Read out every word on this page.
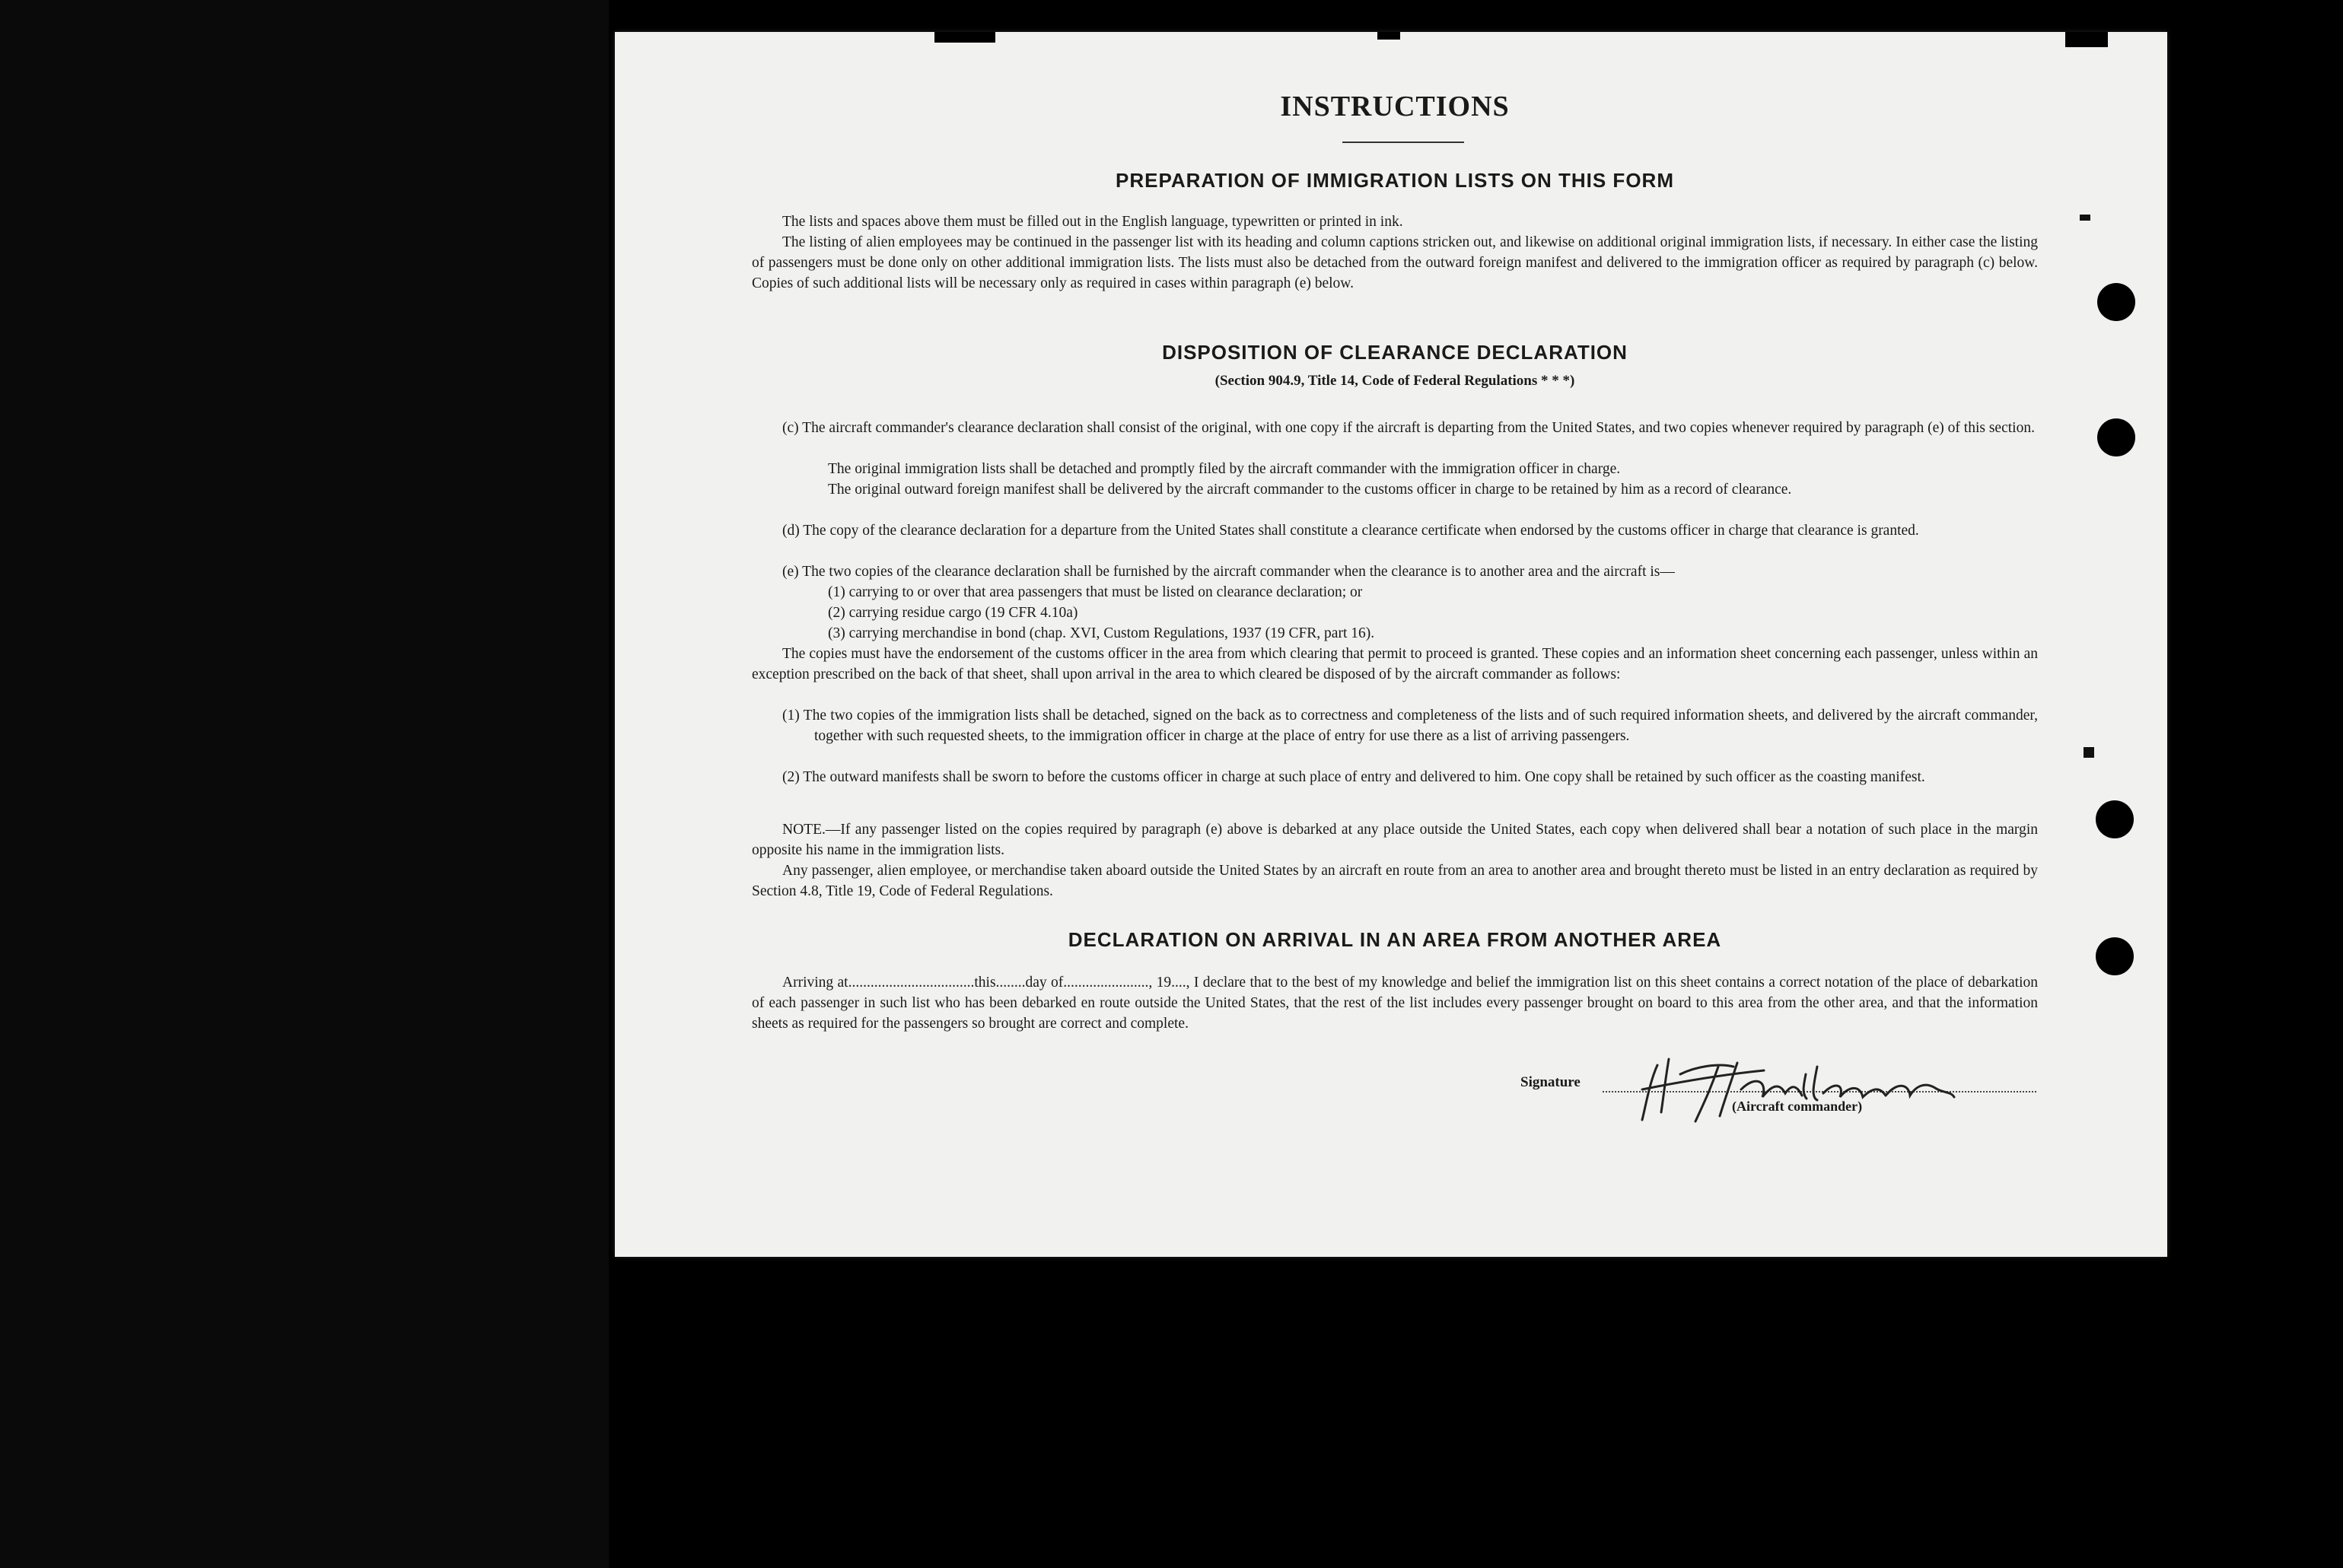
INSTRUCTIONS
PREPARATION OF IMMIGRATION LISTS ON THIS FORM
The lists and spaces above them must be filled out in the English language, typewritten or printed in ink.
The listing of alien employees may be continued in the passenger list with its heading and column captions stricken out, and likewise on additional original immigration lists, if necessary. In either case the listing of passengers must be done only on other additional immigration lists. The lists must also be detached from the outward foreign manifest and delivered to the immigration officer as required by paragraph (c) below. Copies of such additional lists will be necessary only as required in cases within paragraph (e) below.
DISPOSITION OF CLEARANCE DECLARATION
(Section 904.9, Title 14, Code of Federal Regulations * * *)
(c) The aircraft commander's clearance declaration shall consist of the original, with one copy if the aircraft is departing from the United States, and two copies whenever required by paragraph (e) of this section.
The original immigration lists shall be detached and promptly filed by the aircraft commander with the immigration officer in charge.
The original outward foreign manifest shall be delivered by the aircraft commander to the customs officer in charge to be retained by him as a record of clearance.
(d) The copy of the clearance declaration for a departure from the United States shall constitute a clearance certificate when endorsed by the customs officer in charge that clearance is granted.
(e) The two copies of the clearance declaration shall be furnished by the aircraft commander when the clearance is to another area and the aircraft is—
(1) carrying to or over that area passengers that must be listed on clearance declaration; or
(2) carrying residue cargo (19 CFR 4.10a)
(3) carrying merchandise in bond (chap. XVI, Custom Regulations, 1937 (19 CFR, part 16).
The copies must have the endorsement of the customs officer in the area from which clearing that permit to proceed is granted. These copies and an information sheet concerning each passenger, unless within an exception prescribed on the back of that sheet, shall upon arrival in the area to which cleared be disposed of by the aircraft commander as follows:
(1) The two copies of the immigration lists shall be detached, signed on the back as to correctness and completeness of the lists and of such required information sheets, and delivered by the aircraft commander, together with such requested sheets, to the immigration officer in charge at the place of entry for use there as a list of arriving passengers.
(2) The outward manifests shall be sworn to before the customs officer in charge at such place of entry and delivered to him. One copy shall be retained by such officer as the coasting manifest.
NOTE.—If any passenger listed on the copies required by paragraph (e) above is debarked at any place outside the United States, each copy when delivered shall bear a notation of such place in the margin opposite his name in the immigration lists.
Any passenger, alien employee, or merchandise taken aboard outside the United States by an aircraft en route from an area to another area and brought thereto must be listed in an entry declaration as required by Section 4.8, Title 19, Code of Federal Regulations.
DECLARATION ON ARRIVAL IN AN AREA FROM ANOTHER AREA
Arriving at..................................this........day of......................., 19...., I declare that to the best of my knowledge and belief the immigration list on this sheet contains a correct notation of the place of debarkation of each passenger in such list who has been debarked en route outside the United States, that the rest of the list includes every passenger brought on board to this area from the other area, and that the information sheets as required for the passengers so brought are correct and complete.
Signature
(Aircraft commander)
